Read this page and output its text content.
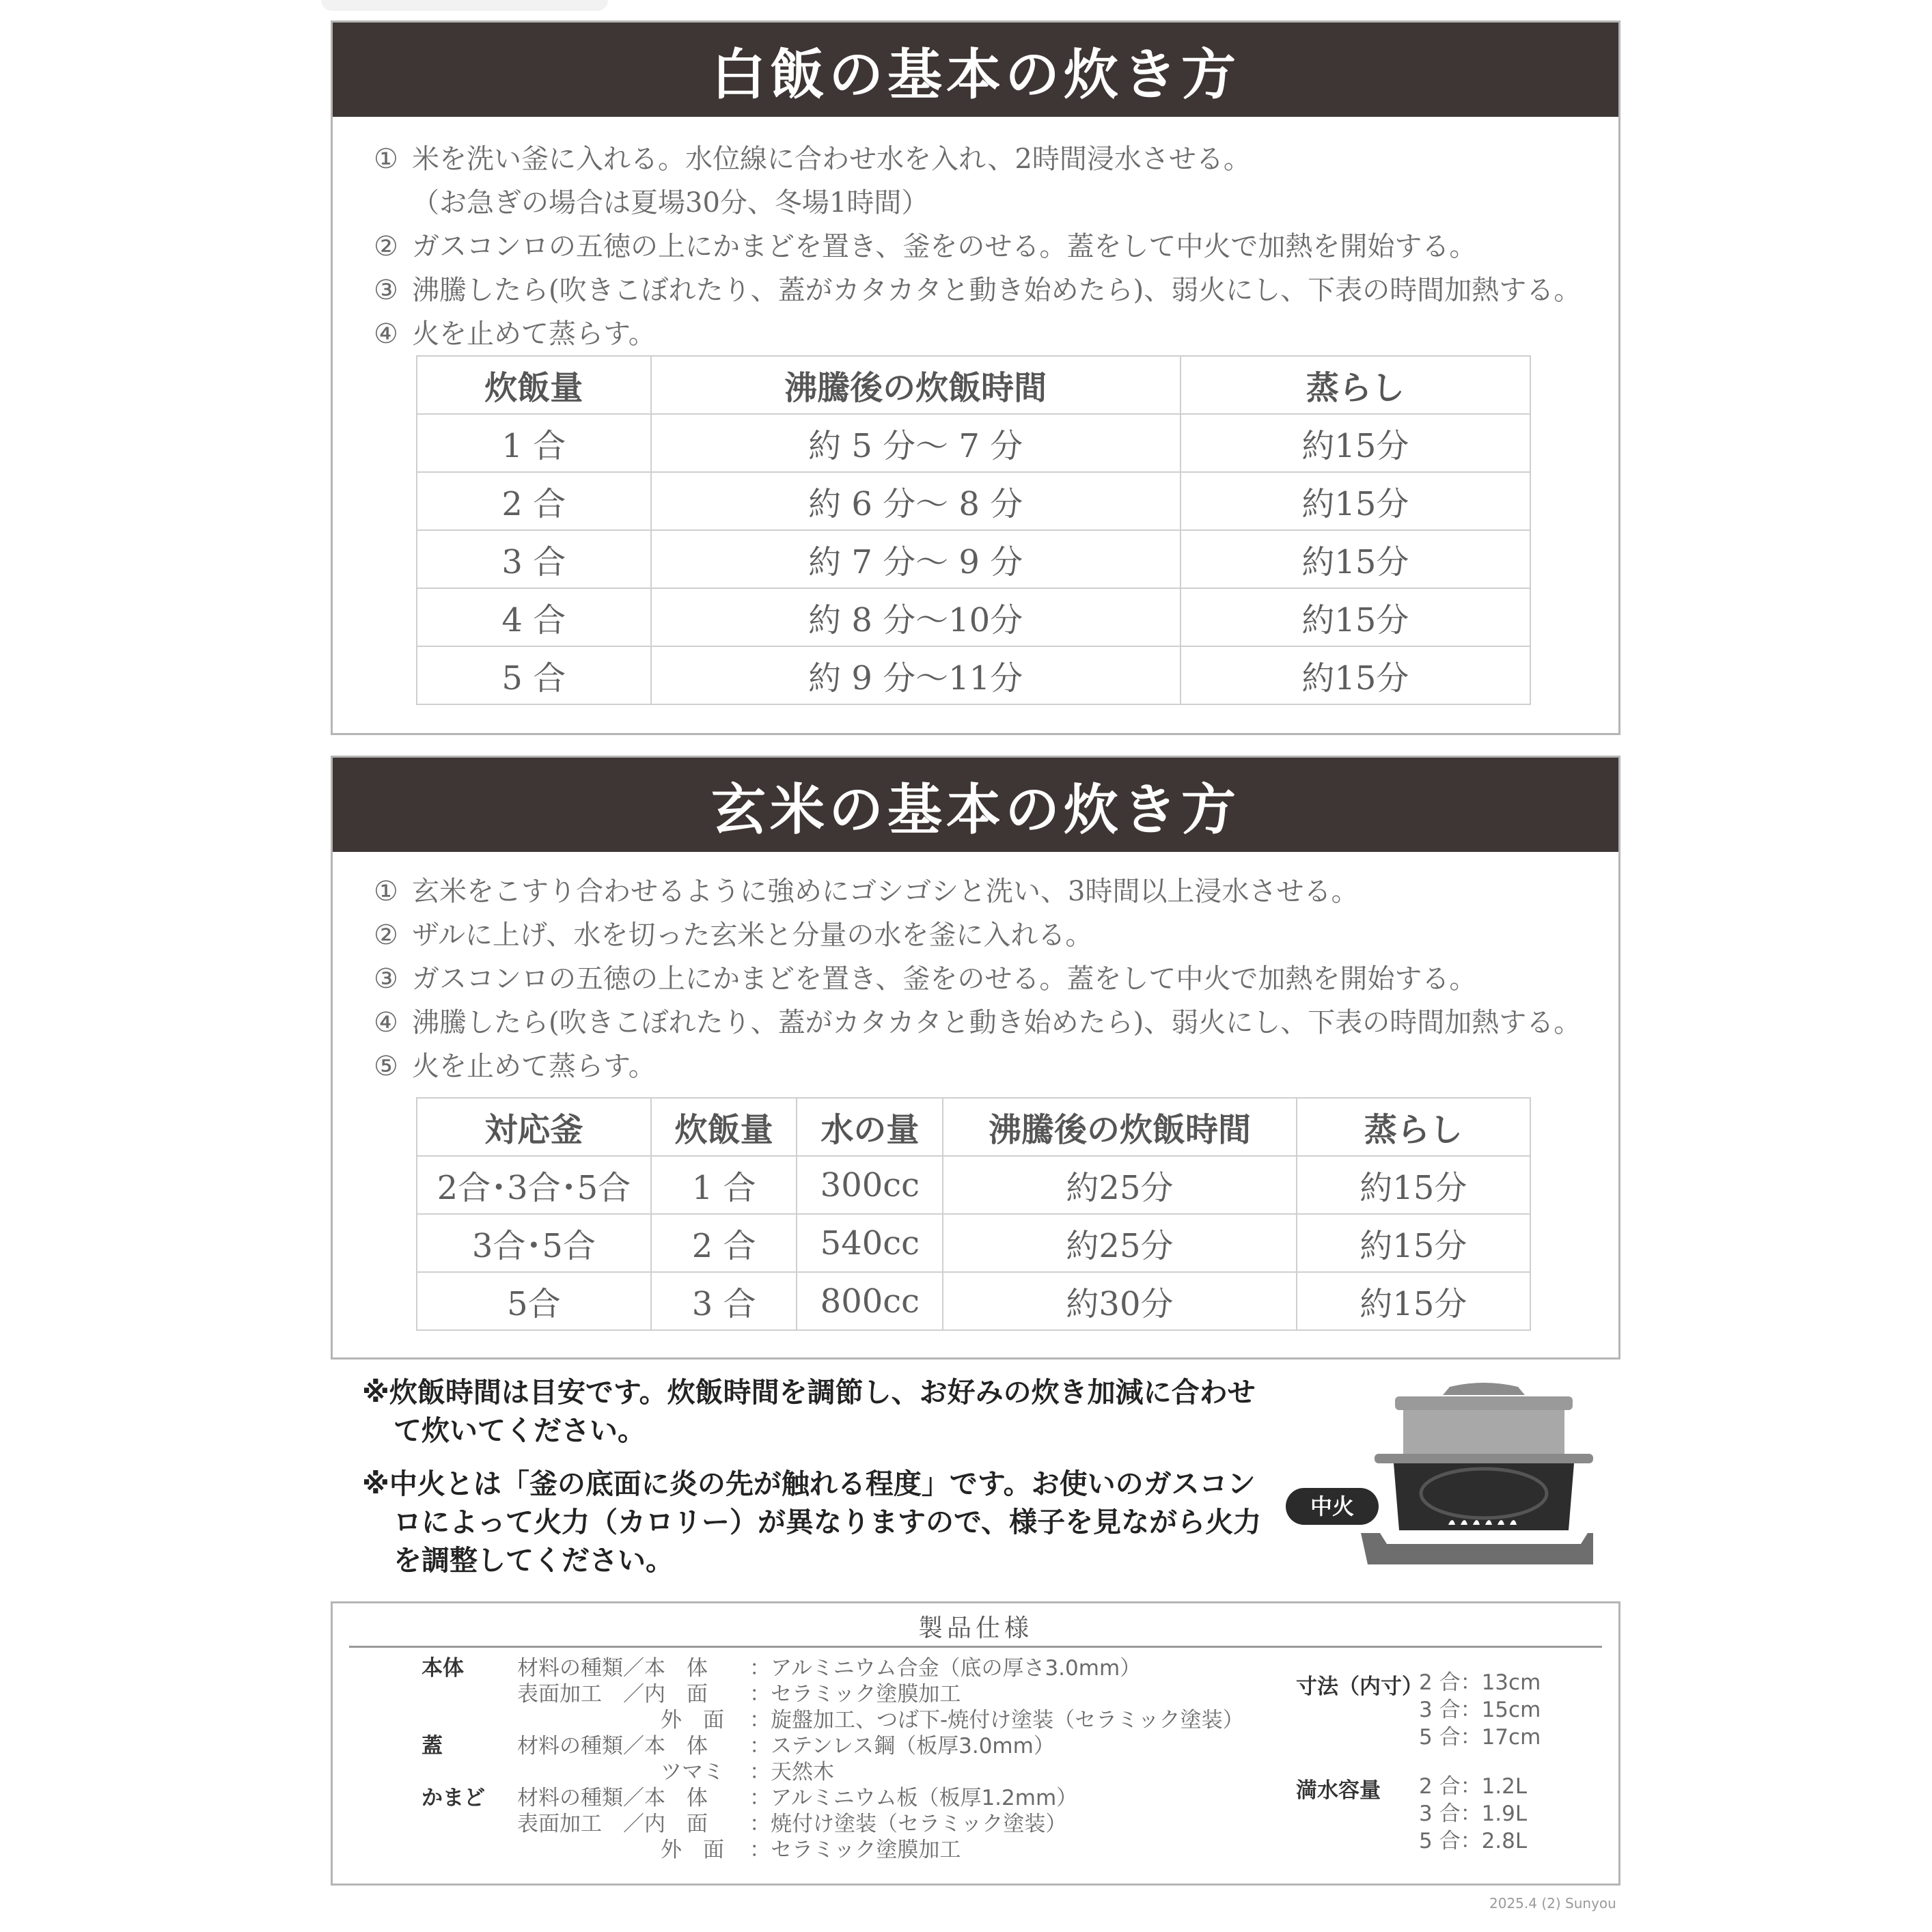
白飯の基本の炊き方
① 米を洗い釜に入れる。水位線に合わせ水を入れ、2時間浸水させる。
（お急ぎの場合は夏場30分、冬場1時間）
② ガスコンロの五徳の上にかまどを置き、釜をのせる。蓋をして中火で加熱を開始する。
③ 沸騰したら(吹きこぼれたり、蓋がカタカタと動き始めたら)、弱火にし、下表の時間加熱する。
④ 火を止めて蒸らす。
炊飯量	沸騰後の炊飯時間	蒸らし
1 合	約 5 分〜 7 分	約15分
2 合	約 6 分〜 8 分	約15分
3 合	約 7 分〜 9 分	約15分
4 合	約 8 分〜10分	約15分
5 合	約 9 分〜11分	約15分
玄米の基本の炊き方
① 玄米をこすり合わせるように強めにゴシゴシと洗い、3時間以上浸水させる。
② ザルに上げ、水を切った玄米と分量の水を釜に入れる。
③ ガスコンロの五徳の上にかまどを置き、釜をのせる。蓋をして中火で加熱を開始する。
④ 沸騰したら(吹きこぼれたり、蓋がカタカタと動き始めたら)、弱火にし、下表の時間加熱する。
⑤ 火を止めて蒸らす。
対応釜	炊飯量	水の量	沸騰後の炊飯時間	蒸らし
2合･3合･5合	1 合	300cc	約25分	約15分
3合･5合	2 合	540cc	約25分	約15分
5合	3 合	800cc	約30分	約15分

※炊飯時間は目安です。炊飯時間を調節し、お好みの炊き加減に合わせて炊いてください。

※中火とは「釜の底面に炎の先が触れる程度」です。お使いのガスコンロによって火力（カロリー）が異なりますので、様子を見ながら火力を調整してください。

中火
製品仕様
本体	材料の種類／本　体	：アルミニウム合金（底の厚さ3.0mm）
表面加工　／内　面	：セラミック塗膜加工
外　面	：旋盤加工、つば下-焼付け塗装（セラミック塗装）
蓋	材料の種類／本　体	：ステンレス鋼（板厚3.0mm）
ツマミ	：天然木
かまど	材料の種類／本　体	：アルミニウム板（板厚1.2mm）
表面加工　／内　面	：焼付け塗装（セラミック塗装）
外　面	：セラミック塗膜加工
寸法（内寸）
2 合：13cm
3 合：15cm
5 合：17cm
満水容量 2 合：1.2L
3 合：1.9L
5 合：2.8L
2025.4 (2) Sunyou
